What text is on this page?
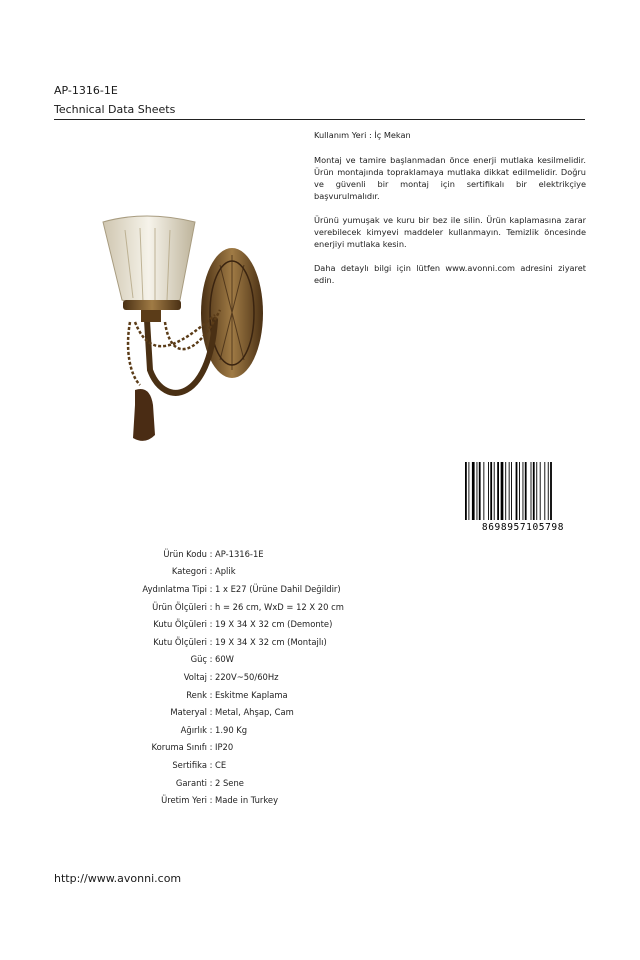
AP-1316-1E
Technical Data Sheets

Kullanım Yeri : İç Mekan

Montaj ve tamire başlanmadan önce enerji mutlaka kesilmelidir. Ürün montajında topraklamaya mutlaka dikkat edilmelidir. Doğru ve güvenli bir montaj için sertifikalı bir elektrikçiye başvurulmalıdır.

Ürünü yumuşak ve kuru bir bez ile silin. Ürün kaplamasına zarar verebilecek kimyevi maddeler kullanmayın. Temizlik öncesinde enerjiyi mutlaka kesin.

Daha detaylı bilgi için lütfen www.avonni.com adresini ziyaret edin.

8698957105798
Ürün Kodu : AP-1316-1E
Kategori : Aplik
Aydınlatma Tipi : 1 x E27 (Ürüne Dahil Değildir)
Ürün Ölçüleri : h = 26 cm, WxD = 12 X 20 cm
Kutu Ölçüleri : 19 X 34 X 32 cm (Demonte)
Kutu Ölçüleri : 19 X 34 X 32 cm (Montajlı)
Güç : 60W
Voltaj : 220V~50/60Hz
Renk : Eskitme Kaplama
Materyal : Metal, Ahşap, Cam
Ağırlık : 1.90 Kg
Koruma Sınıfı : IP20
Sertifika : CE
Garanti : 2 Sene
Üretim Yeri : Made in Turkey
http://www.avonni.com
